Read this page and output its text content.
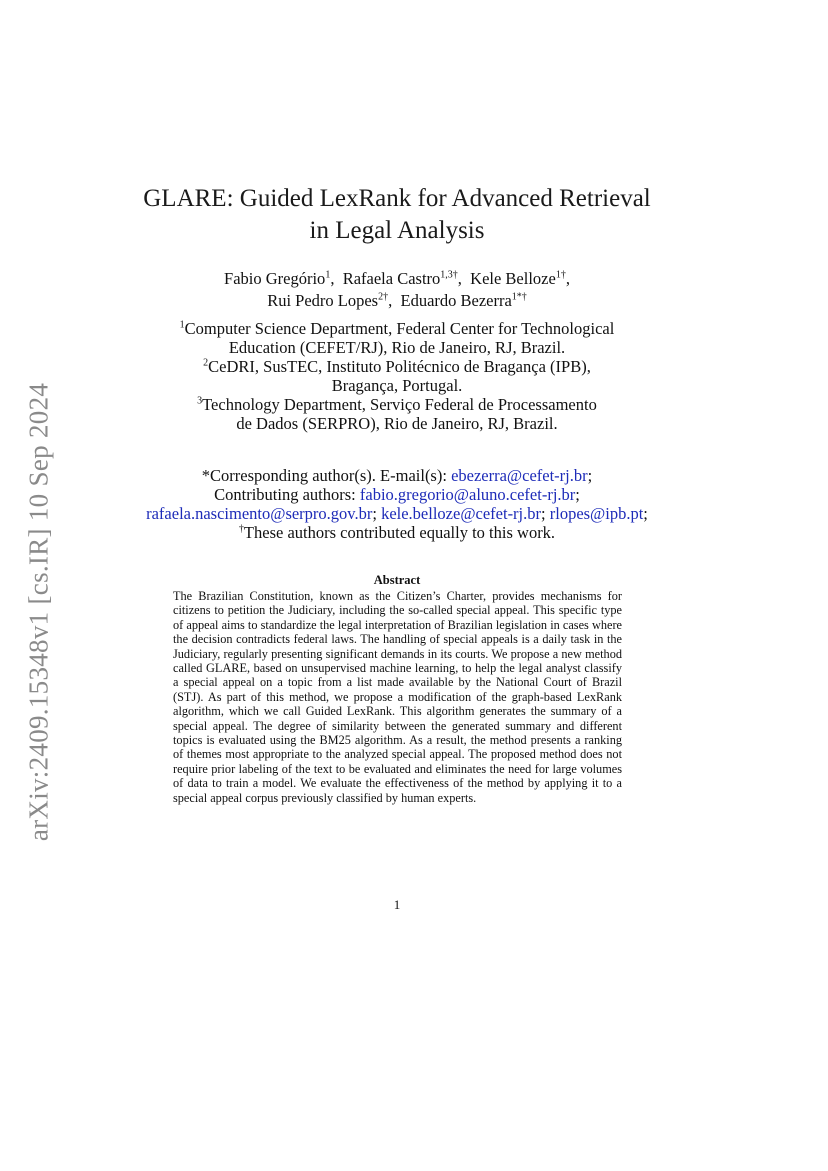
arXiv:2409.15348v1 [cs.IR] 10 Sep 2024
GLARE: Guided LexRank for Advanced Retrieval
in Legal Analysis
Fabio Gregório$^1$,  Rafaela Castro$^{1,3\dagger}$,  Kele Belloze$^{1\dagger}$,
Rui Pedro Lopes$^{2\dagger}$,  Eduardo Bezerra$^{1*\dagger}$
$^1$Computer Science Department, Federal Center for Technological
Education (CEFET/RJ), Rio de Janeiro, RJ, Brazil.
$^2$CeDRI, SusTEC, Instituto Politécnico de Bragança (IPB),
Bragança, Portugal.
$^3$Technology Department, Serviço Federal de Processamento
de Dados (SERPRO), Rio de Janeiro, RJ, Brazil.
*Corresponding author(s). E-mail(s): ebezerra@cefet-rj.br;
Contributing authors: fabio.gregorio@aluno.cefet-rj.br;
rafaela.nascimento@serpro.gov.br; kele.belloze@cefet-rj.br; rlopes@ipb.pt;
†These authors contributed equally to this work.
Abstract

The Brazilian Constitution, known as the Citizen’s Charter, provides mechanisms for citizens to petition the Judiciary, including the so-called special appeal. This specific type of appeal aims to standardize the legal interpretation of Brazilian legislation in cases where the decision contradicts federal laws. The handling of special appeals is a daily task in the Judiciary, regularly presenting significant demands in its courts. We propose a new method called GLARE, based on unsupervised machine learning, to help the legal analyst classify a special appeal on a topic from a list made available by the National Court of Brazil (STJ). As part of this method, we propose a modification of the graph-based LexRank algorithm, which we call Guided LexRank. This algorithm generates the summary of a special appeal. The degree of similarity between the generated summary and different topics is evaluated using the BM25 algorithm. As a result, the method presents a ranking of themes most appropriate to the analyzed special appeal. The proposed method does not require prior labeling of the text to be evaluated and eliminates the need for large volumes of data to train a model. We evaluate the effectiveness of the method by applying it to a special appeal corpus previously classified by human experts.

1
